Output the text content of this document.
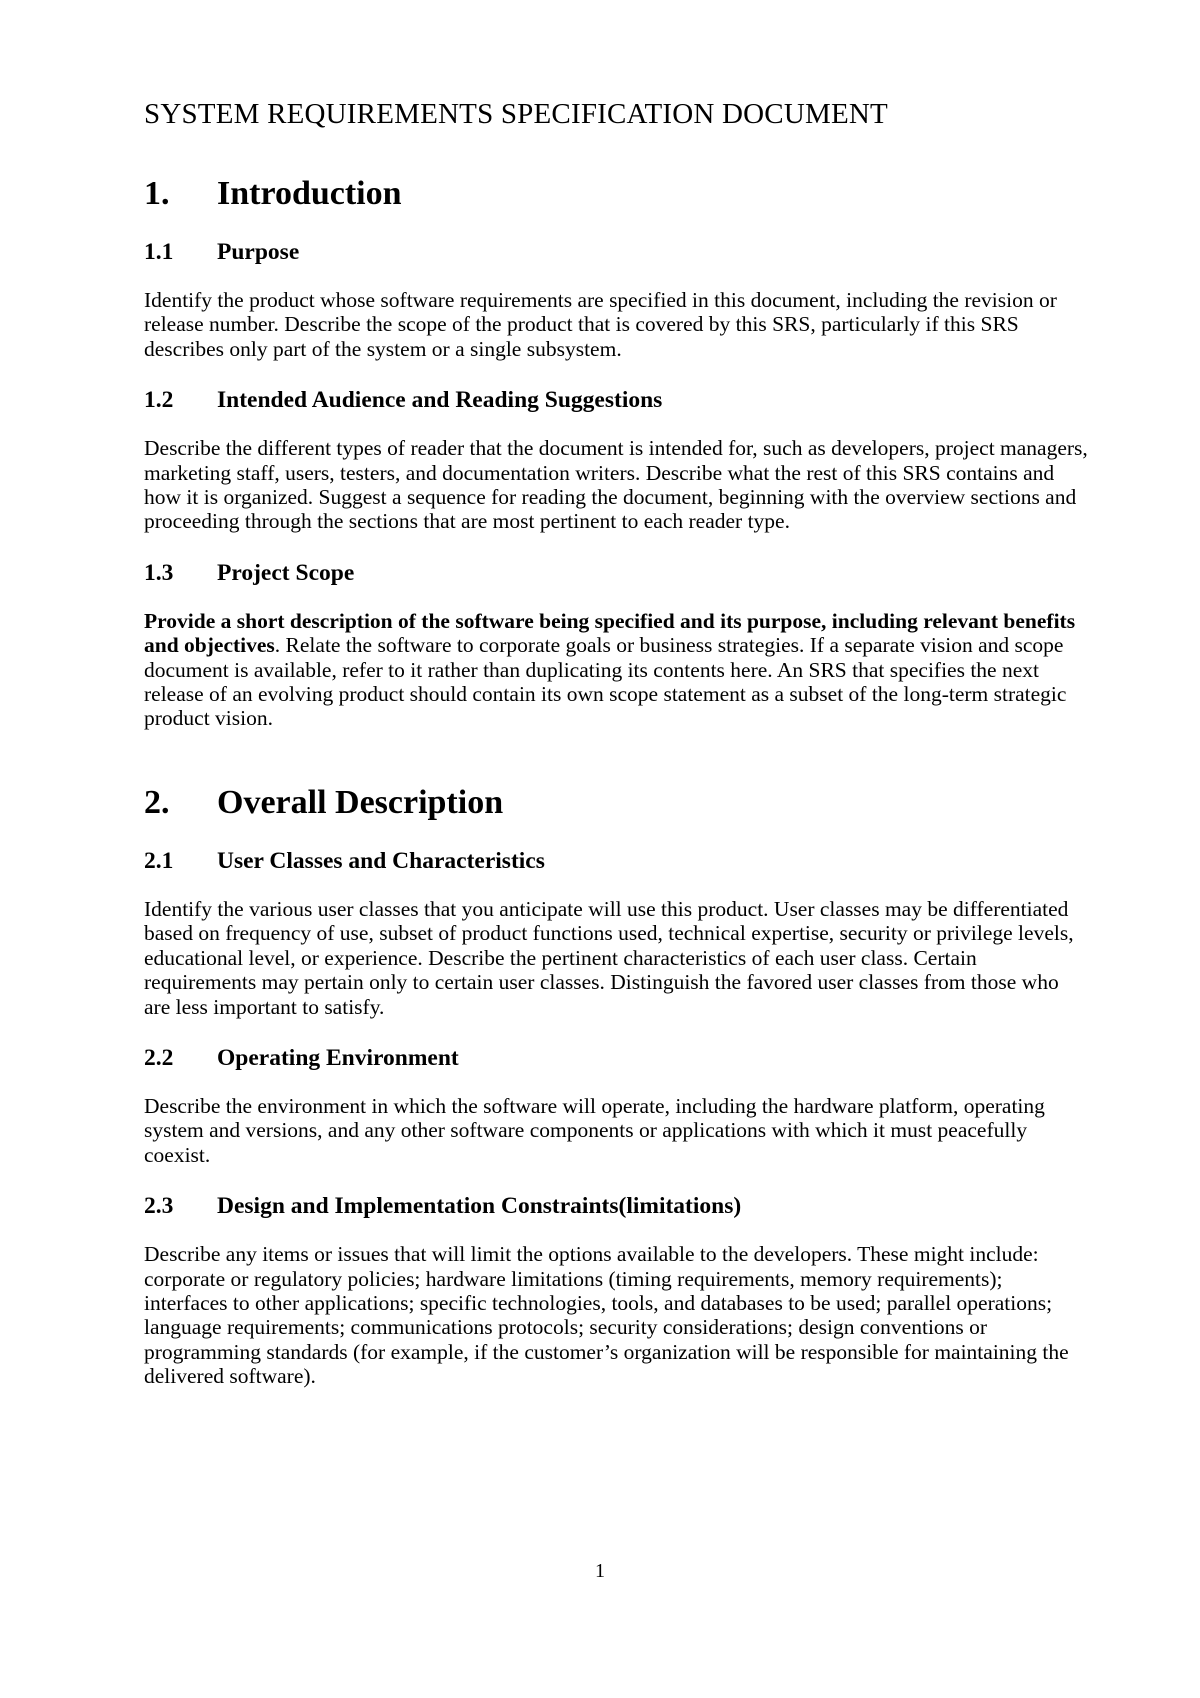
SYSTEM REQUIREMENTS SPECIFICATION DOCUMENT
1.	Introduction
1.1	Purpose

Identify the product whose software requirements are specified in this document, including the revision or release number. Describe the scope of the product that is covered by this SRS, particularly if this SRS describes only part of the system or a single subsystem.

1.2	Intended Audience and Reading Suggestions

Describe the different types of reader that the document is intended for, such as developers, project managers, marketing staff, users, testers, and documentation writers. Describe what the rest of this SRS contains and how it is organized. Suggest a sequence for reading the document, beginning with the overview sections and proceeding through the sections that are most pertinent to each reader type.

1.3	Project Scope

Provide a short description of the software being specified and its purpose, including relevant benefits and objectives. Relate the software to corporate goals or business strategies. If a separate vision and scope document is available, refer to it rather than duplicating its contents here. An SRS that specifies the next release of an evolving product should contain its own scope statement as a subset of the long-term strategic product vision.

2.	Overall Description
2.1	User Classes and Characteristics

Identify the various user classes that you anticipate will use this product. User classes may be differentiated based on frequency of use, subset of product functions used, technical expertise, security or privilege levels, educational level, or experience. Describe the pertinent characteristics of each user class. Certain requirements may pertain only to certain user classes. Distinguish the favored user classes from those who are less important to satisfy.

2.2	Operating Environment

Describe the environment in which the software will operate, including the hardware platform, operating system and versions, and any other software components or applications with which it must peacefully coexist.

2.3	Design and Implementation Constraints(limitations)

Describe any items or issues that will limit the options available to the developers. These might include: corporate or regulatory policies; hardware limitations (timing requirements, memory requirements); interfaces to other applications; specific technologies, tools, and databases to be used; parallel operations; language requirements; communications protocols; security considerations; design conventions or programming standards (for example, if the customer’s organization will be responsible for maintaining the delivered software).

1
